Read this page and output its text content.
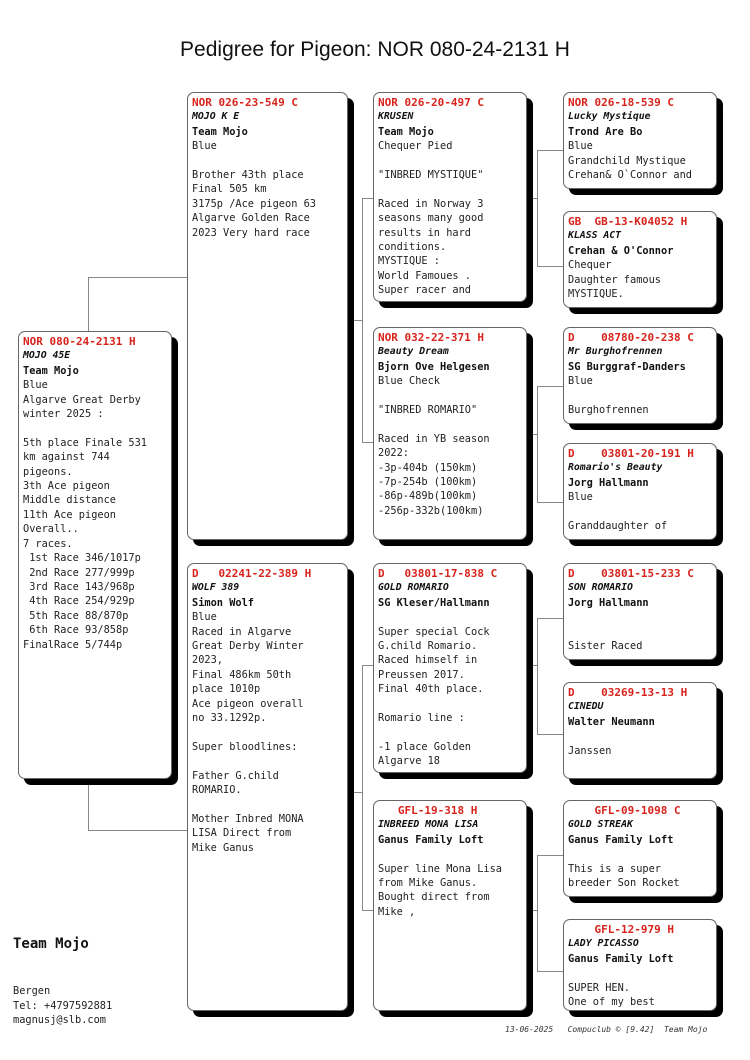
Pedigree for Pigeon: NOR 080-24-2131 H
NOR 080-24-2131 H
MOJO 45E
Team Mojo
Blue
Algarve Great Derby
winter 2025 :

5th place Finale 531
km against 744
pigeons.
3th Ace pigeon
Middle distance
11th Ace pigeon
Overall..
7 races.
1st Race 346/1017p
2nd Race 277/999p
3rd Race 143/968p
4th Race 254/929p
5th Race 88/870p
6th Race 93/858p
FinalRace 5/744p
NOR 026-23-549 C
MOJO K E
Team Mojo
Blue

Brother 43th place
Final 505 km
3175p /Ace pigeon 63
Algarve Golden Race
2023 Very hard race
D   02241-22-389 H
WOLF 389
Simon Wolf
Blue
Raced in Algarve
Great Derby Winter
2023,
Final 486km 50th
place 1010p
Ace pigeon overall
no 33.1292p.

Super bloodlines:

Father G.child
ROMARIO.

Mother Inbred MONA
LISA Direct from
Mike Ganus
NOR 026-20-497 C
KRUSEN
Team Mojo
Chequer Pied

"INBRED MYSTIQUE"

Raced in Norway 3
seasons many good
results in hard
conditions.
MYSTIQUE :
World Famoues .
Super racer and
NOR 032-22-371 H
Beauty Dream
Bjorn Ove Helgesen
Blue Check

"INBRED ROMARIO"

Raced in YB season
2022:
-3p-404b (150km)
-7p-254b (100km)
-86p-489b(100km)
-256p-332b(100km)
D   03801-17-838 C
GOLD ROMARIO
SG Kleser/Hallmann

Super special Cock
G.child Romario.
Raced himself in
Preussen 2017.
Final 40th place.

Romario line :

-1 place Golden
Algarve 18
GFL-19-318 H
INBREED MONA LISA
Ganus Family Loft

Super line Mona Lisa
from Mike Ganus.
Bought direct from
Mike ,
NOR 026-18-539 C
Lucky Mystique
Trond Are Bo
Blue
Grandchild Mystique
Crehan& O`Connor and
GB  GB-13-K04052 H
KLASS ACT
Crehan & O'Connor
Chequer
Daughter famous
MYSTIQUE.
D    08780-20-238 C
Mr Burghofrennen
SG Burggraf-Danders
Blue

Burghofrennen
D    03801-20-191 H
Romario's Beauty
Jorg Hallmann
Blue

Granddaughter of
D    03801-15-233 C
SON ROMARIO
Jorg Hallmann

Sister Raced
D    03269-13-13 H
CINEDU
Walter Neumann

Janssen
GFL-09-1098 C
GOLD STREAK
Ganus Family Loft

This is a super
breeder Son Rocket
GFL-12-979 H
LADY PICASSO
Ganus Family Loft

SUPER HEN.
One of my best
Team Mojo
Bergen
Tel: +4797592881
magnusj@slb.com
13-06-2025   Compuclub © [9.42]  Team Mojo
